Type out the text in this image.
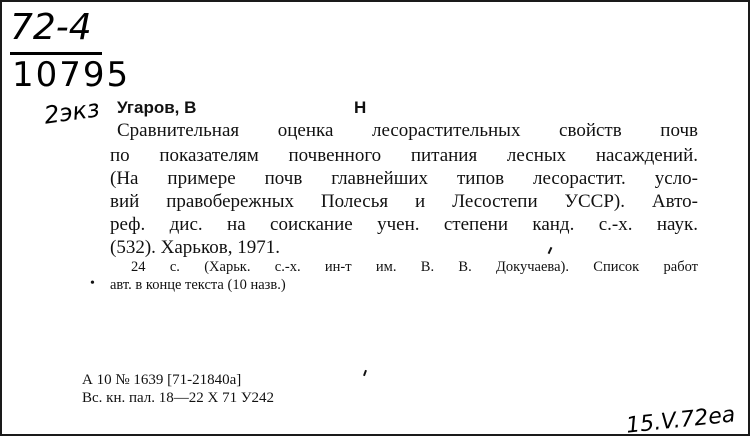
72-4
10795
2экз Угаров, В	Н
Сравнительная оценка лесорастительных свойств почв
по показателям почвенного питания лесных насаждений.
(На примере почв главнейших типов лесорастит. усло-
вий правобережных Полесья и Лесостепи УССР). Авто-
реф. дис. на соискание учен. степени канд. с.-х. наук.
(532). Харьков, 1971.
24 с. (Харьк. с.-х. ин-т им. В. В. Докучаева). Список работ
• авт. в конце текста (10 назв.)
А 10 № 1639 [71-21840а]
Вс. кн. пал. 18—22 Х 71 У242
15.V.72ea
